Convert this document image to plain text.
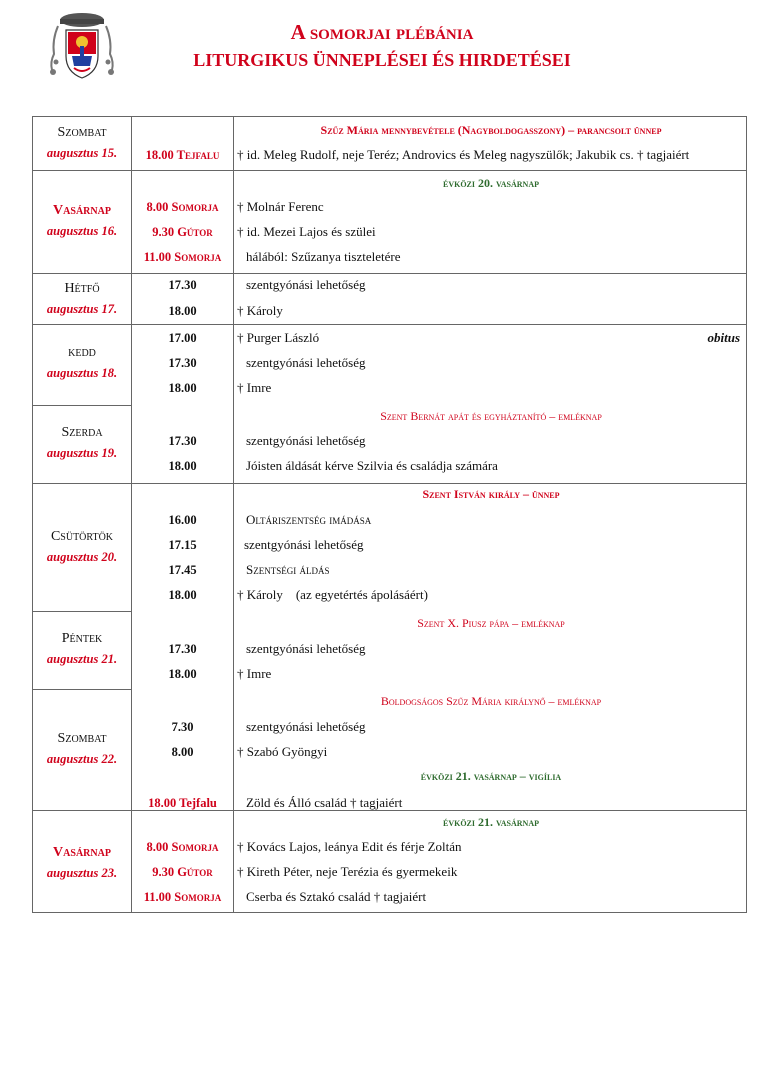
A somorjai plébánia
LITURGIKUS ÜNNEPLÉSEI ÉS HIRDETÉSEI
Szombat
augusztus 15.
Vasárnap
augusztus 16.
Hétfő
augusztus 17.
kedd
augusztus 18.
Szerda
augusztus 19.
Csütörtök
augusztus 20.
Péntek
augusztus 21.
Szombat
augusztus 22.
Vasárnap
augusztus 23.
Szűz Mária mennybevétele (Nagyboldogasszony) – parancsolt ünnep
évközi 20. vasárnap
Szent Bernát apát és egyháztanító – emléknap
Szent István király – ünnep
Szent X. Piusz pápa – emléknap
Boldogságos Szűz Mária királynő – emléknap
évközi 21. vasárnap – vigília
évközi 21. vasárnap
18.00 Tejfalu
8.00 Somorja
9.30 Gútor
11.00 Somorja
17.30
18.00
17.00
17.30
18.00
17.30
18.00
16.00
17.15
17.45
18.00
17.30
18.00
7.30
8.00
18.00 Tejfalu
8.00 Somorja
9.30 Gútor
11.00 Somorja
† id. Meleg Rudolf, neje Teréz; Androvics és Meleg nagyszülők; Jakubik cs. † tagjaiért
† Molnár Ferenc
† id. Mezei Lajos és szülei
hálából: Szűzanya tiszteletére
szentgyónási lehetőség
† Károly
† Purger László	obitus
szentgyónási lehetőség
† Imre
szentgyónási lehetőség
Jóisten áldását kérve Szilvia és családja számára
Oltáriszentség imádása
szentgyónási lehetőség
Szentségi áldás
† Károly    (az egyetértés ápolásáért)
szentgyónási lehetőség
† Imre
szentgyónási lehetőség
† Szabó Gyöngyi
Zöld és Álló család † tagjaiért
† Kovács Lajos, leánya Edit és férje Zoltán
† Kireth Péter, neje Terézia és gyermekeik
Cserba és Sztakó család † tagjaiért
